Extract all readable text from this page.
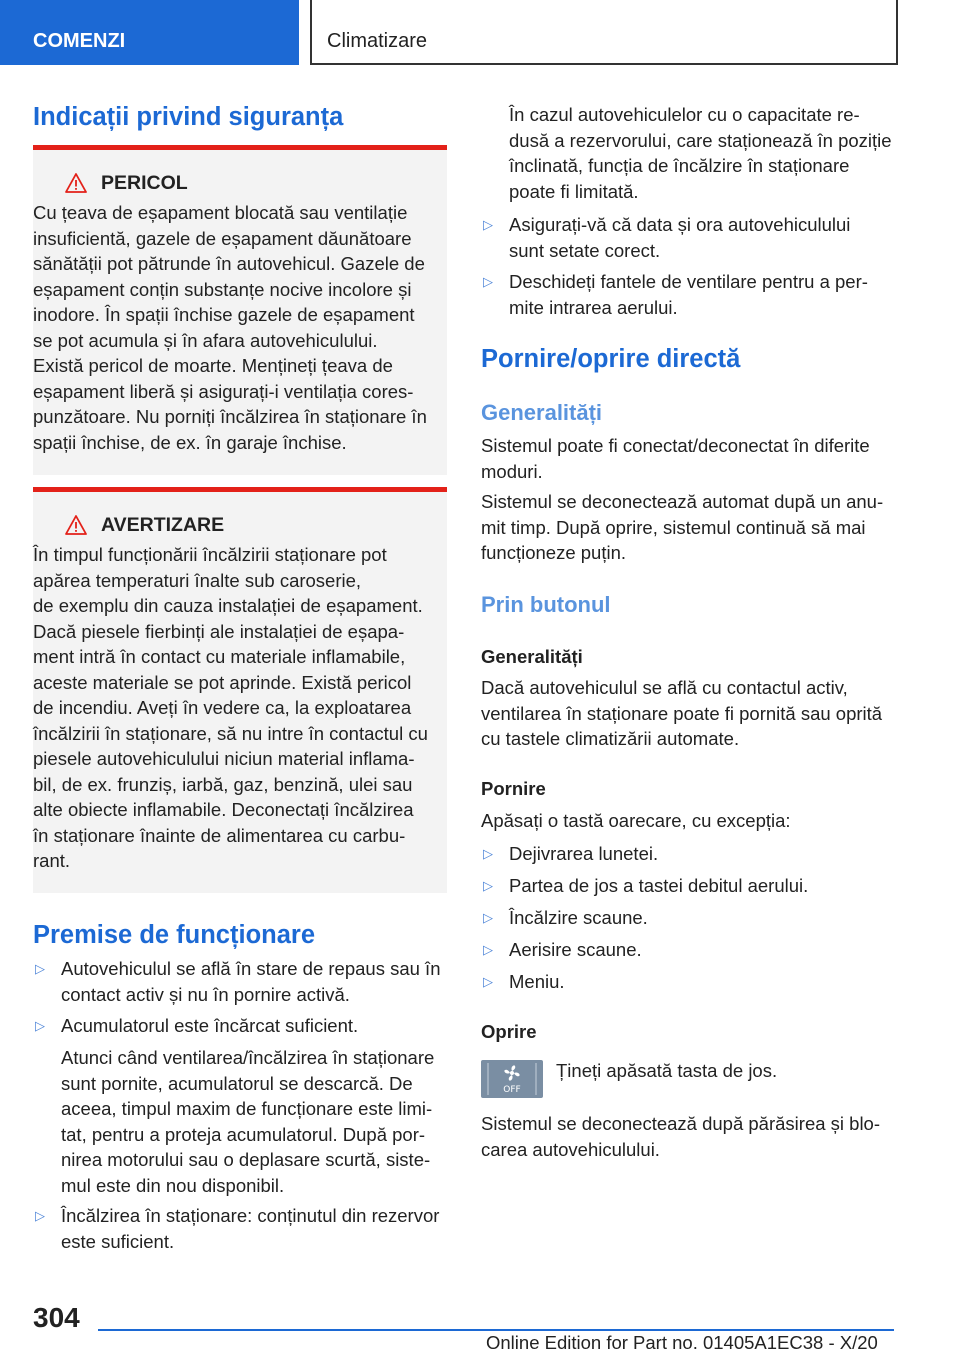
COMENZI	Climatizare
Indicații privind siguranța
PERICOL
Cu țeava de eșapament blocată sau ventilație
insuficientă, gazele de eșapament dăunătoare
sănătății pot pătrunde în autovehicul. Gazele de
eșapament conțin substanțe nocive incolore și
inodore. În spații închise gazele de eșapament
se pot acumula și în afara autovehiculului.
Există pericol de moarte. Mențineți țeava de
eșapament liberă și asigurați-i ventilația cores-
punzătoare. Nu porniți încălzirea în staționare în
spații închise, de ex. în garaje închise.
AVERTIZARE
În timpul funcționării încălzirii staționare pot
apărea temperaturi înalte sub caroserie,
de exemplu din cauza instalației de eșapament.
Dacă piesele fierbinți ale instalației de eșapa-
ment intră în contact cu materiale inflamabile,
aceste materiale se pot aprinde. Există pericol
de incendiu. Aveți în vedere ca, la exploatarea
încălzirii în staționare, să nu intre în contactul cu
piesele autovehiculului niciun material inflama-
bil, de ex. frunziș, iarbă, gaz, benzină, ulei sau
alte obiecte inflamabile. Deconectați încălzirea
în staționare înainte de alimentarea cu carbu-
rant.
Premise de funcționare
▷ Autovehiculul se află în stare de repaus sau în
contact activ și nu în pornire activă.
▷ Acumulatorul este încărcat suficient.
Atunci când ventilarea/încălzirea în staționare
sunt pornite, acumulatorul se descarcă. De
aceea, timpul maxim de funcționare este limi-
tat, pentru a proteja acumulatorul. După por-
nirea motorului sau o deplasare scurtă, siste-
mul este din nou disponibil.
▷ Încălzirea în staționare: conținutul din rezervor
este suficient.
În cazul autovehiculelor cu o capacitate re-
dusă a rezervorului, care staționează în poziție
înclinată, funcția de încălzire în staționare
poate fi limitată.
▷ Asigurați-vă că data și ora autovehiculului
sunt setate corect.
▷ Deschideți fantele de ventilare pentru a per-
mite intrarea aerului.
Pornire/oprire directă
Generalități

Sistemul poate fi conectat/deconectat în diferite
moduri.

Sistemul se deconectează automat după un anu-
mit timp. După oprire, sistemul continuă să mai
funcționeze puțin.

Prin butonul
Generalități

Dacă autovehiculul se află cu contactul activ,
ventilarea în staționare poate fi pornită sau oprită
cu tastele climatizării automate.

Pornire

Apăsați o tastă oarecare, cu excepția:

▷ Dejivrarea lunetei.
▷ Partea de jos a tastei debitul aerului.
▷ Încălzire scaune.
▷ Aerisire scaune.
▷ Meniu.
Oprire
OFF

Țineți apăsată tasta de jos.

Sistemul se deconectează după părăsirea și blo-
carea autovehiculului.

304
Online Edition for Part no. 01405A1EC38 - X/20
